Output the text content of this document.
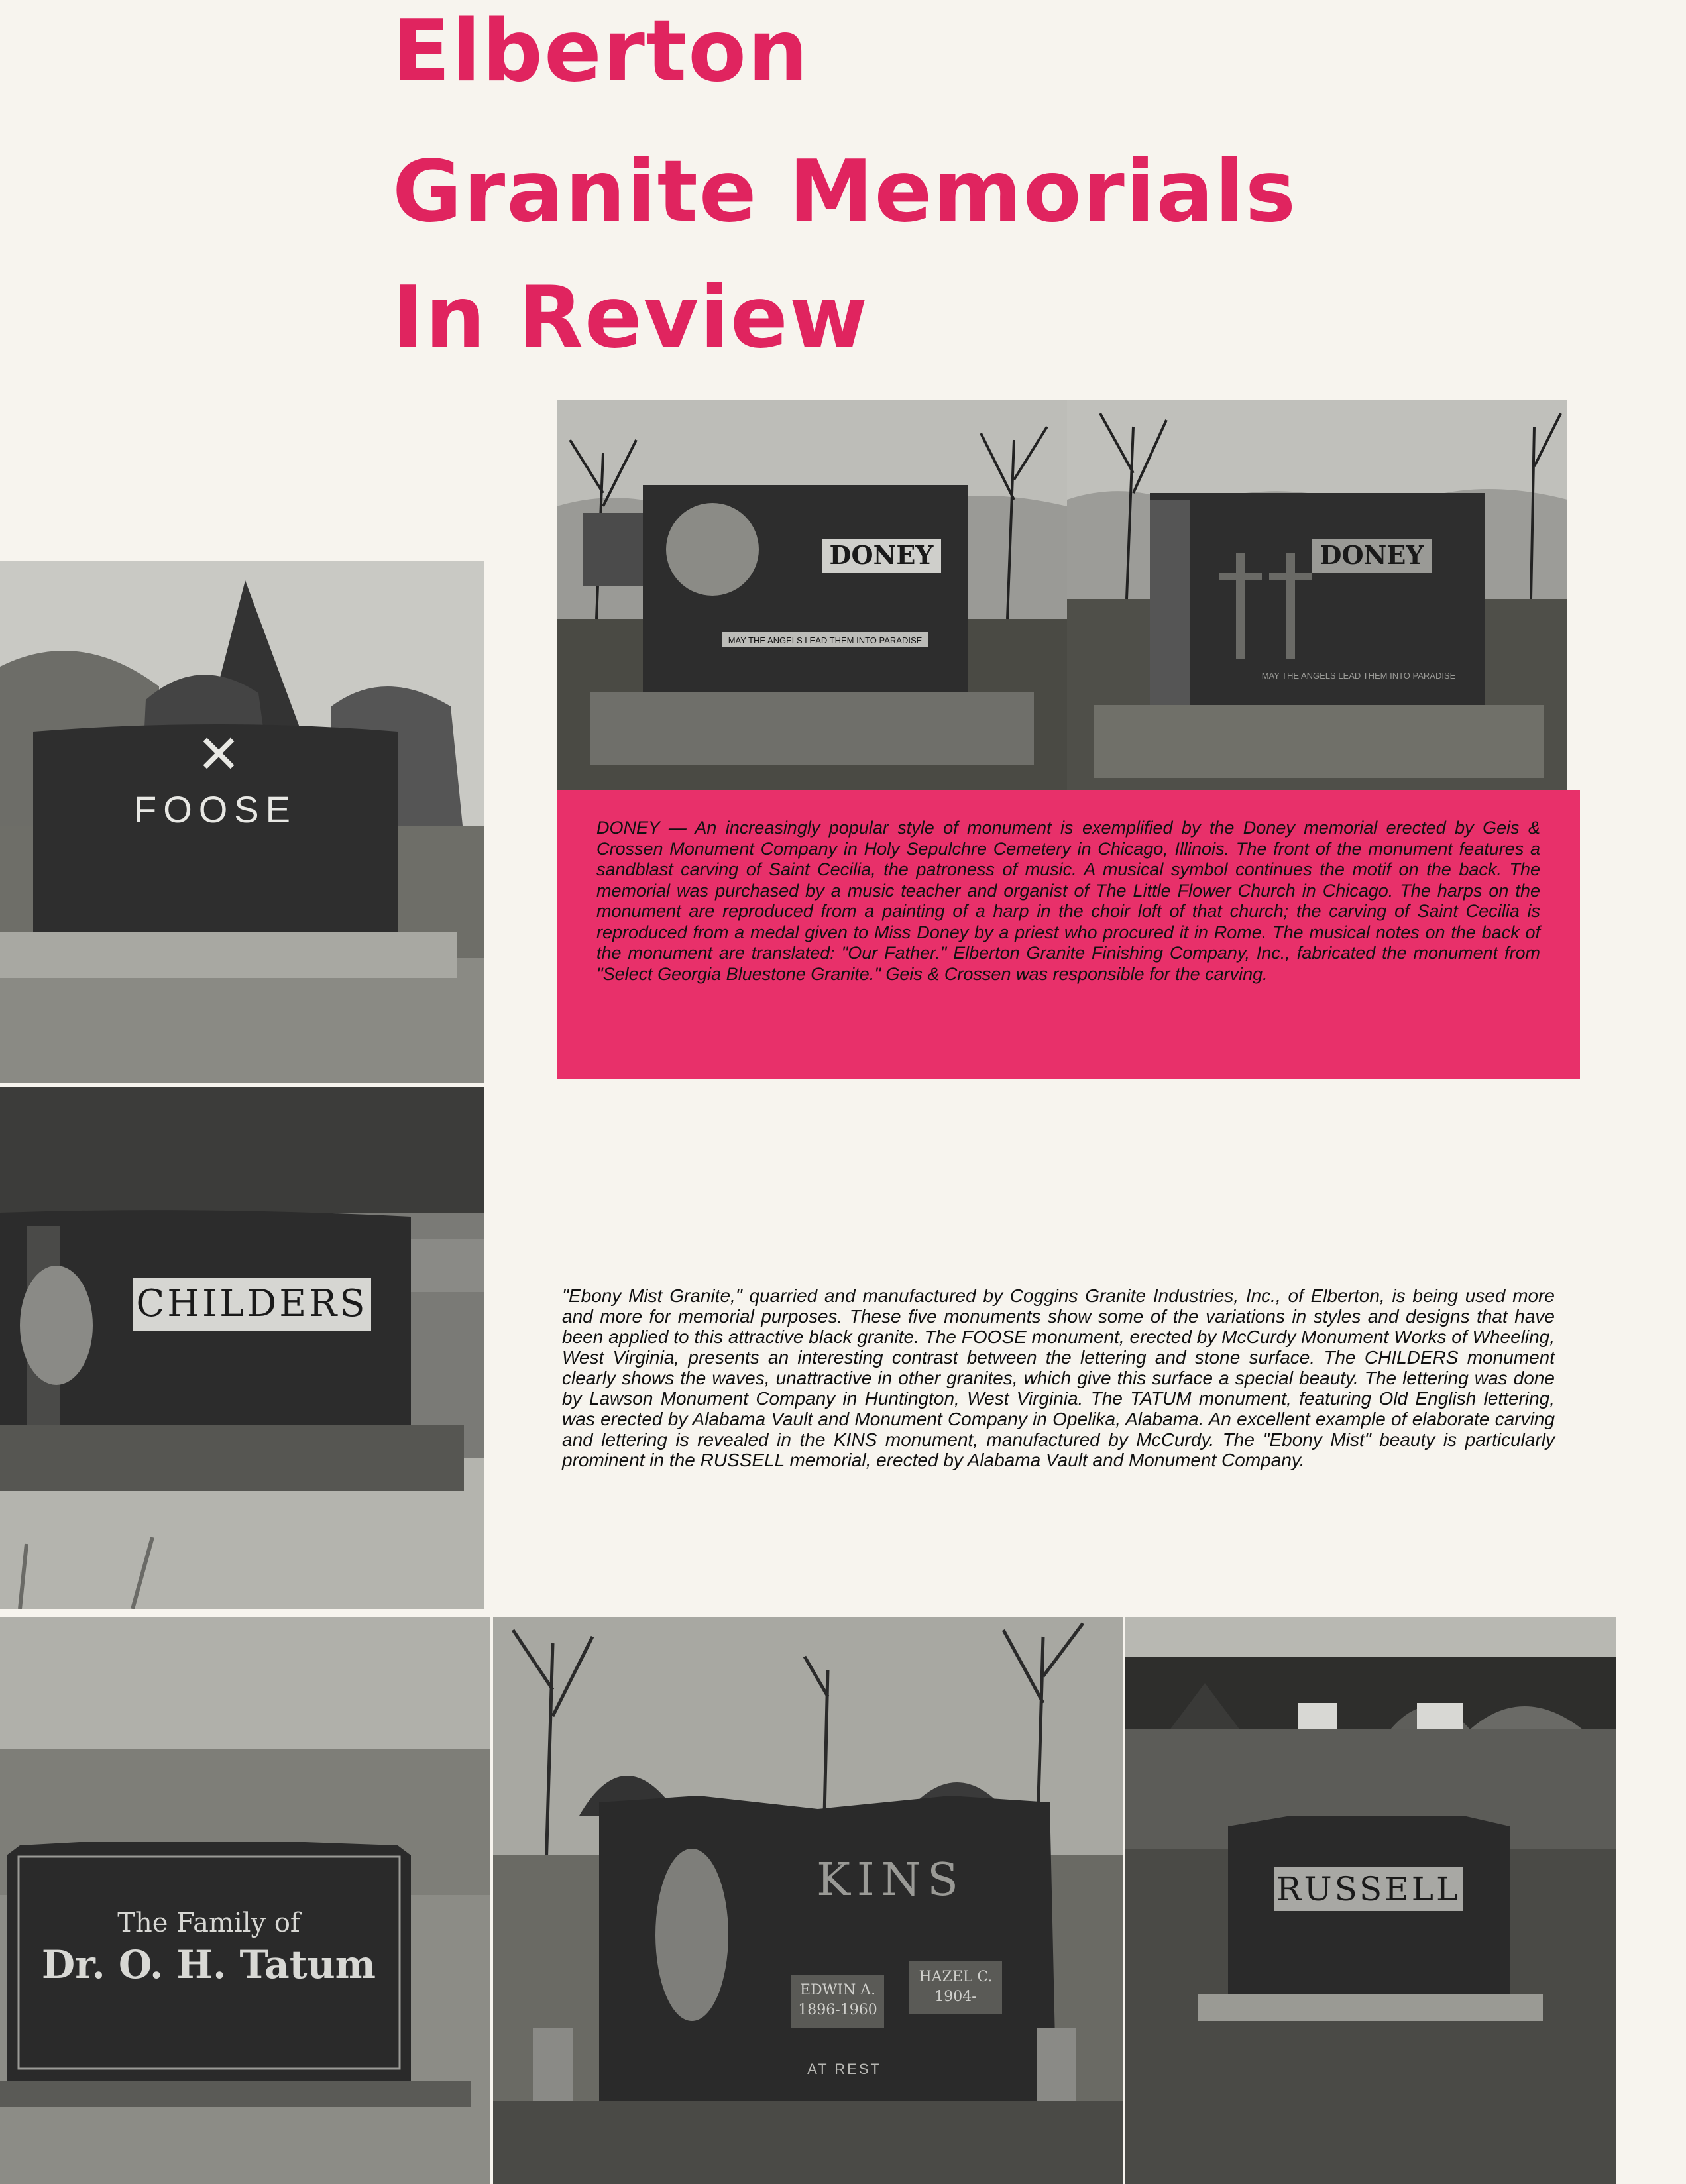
Elberton
Granite Memorials
In Review
DONEY
MAY THE ANGELS LEAD THEM INTO PARADISE
DONEY
MAY THE ANGELS LEAD THEM INTO PARADISE
DONEY — An increasingly popular style of monument is exemplified by the Doney memorial erected by Geis & Crossen Monument Company in Holy Sepulchre Cemetery in Chicago, Illinois. The front of the monument features a sandblast carving of Saint Cecilia, the patroness of music. A musical symbol continues the motif on the back. The memorial was purchased by a music teacher and organist of The Little Flower Church in Chicago. The harps on the monument are reproduced from a painting of a harp in the choir loft of that church; the carving of Saint Cecilia is reproduced from a medal given to Miss Doney by a priest who procured it in Rome. The musical notes on the back of the monument are translated: "Our Father." Elberton Granite Finishing Company, Inc., fabricated the monument from "Select Georgia Bluestone Granite." Geis & Crossen was responsible for the carving.
✕
FOOSE
CHILDERS	"Ebony Mist Granite," quarried and manufactured by Coggins Granite Industries, Inc., of Elberton, is being used more and more for memorial purposes. These five monuments show some of the variations in styles and designs that have been applied to this attractive black granite. The FOOSE monument, erected by McCurdy Monument Works of Wheeling, West Virginia, presents an interesting contrast between the lettering and stone surface. The CHILDERS monument clearly shows the waves, unattractive in other granites, which give this surface a special beauty. The lettering was done by Lawson Monument Company in Huntington, West Virginia. The TATUM monument, featuring Old English lettering, was erected by Alabama Vault and Monument Company in Opelika, Alabama. An excellent example of elaborate carving and lettering is revealed in the KINS monument, manufactured by McCurdy. The "Ebony Mist" beauty is particularly prominent in the RUSSELL memorial, erected by Alabama Vault and Monument Company.
The Family of
Dr. O. H. Tatum
KINS
EDWIN A.
1896-1960
HAZEL C.
1904-
AT REST
RUSSELL
